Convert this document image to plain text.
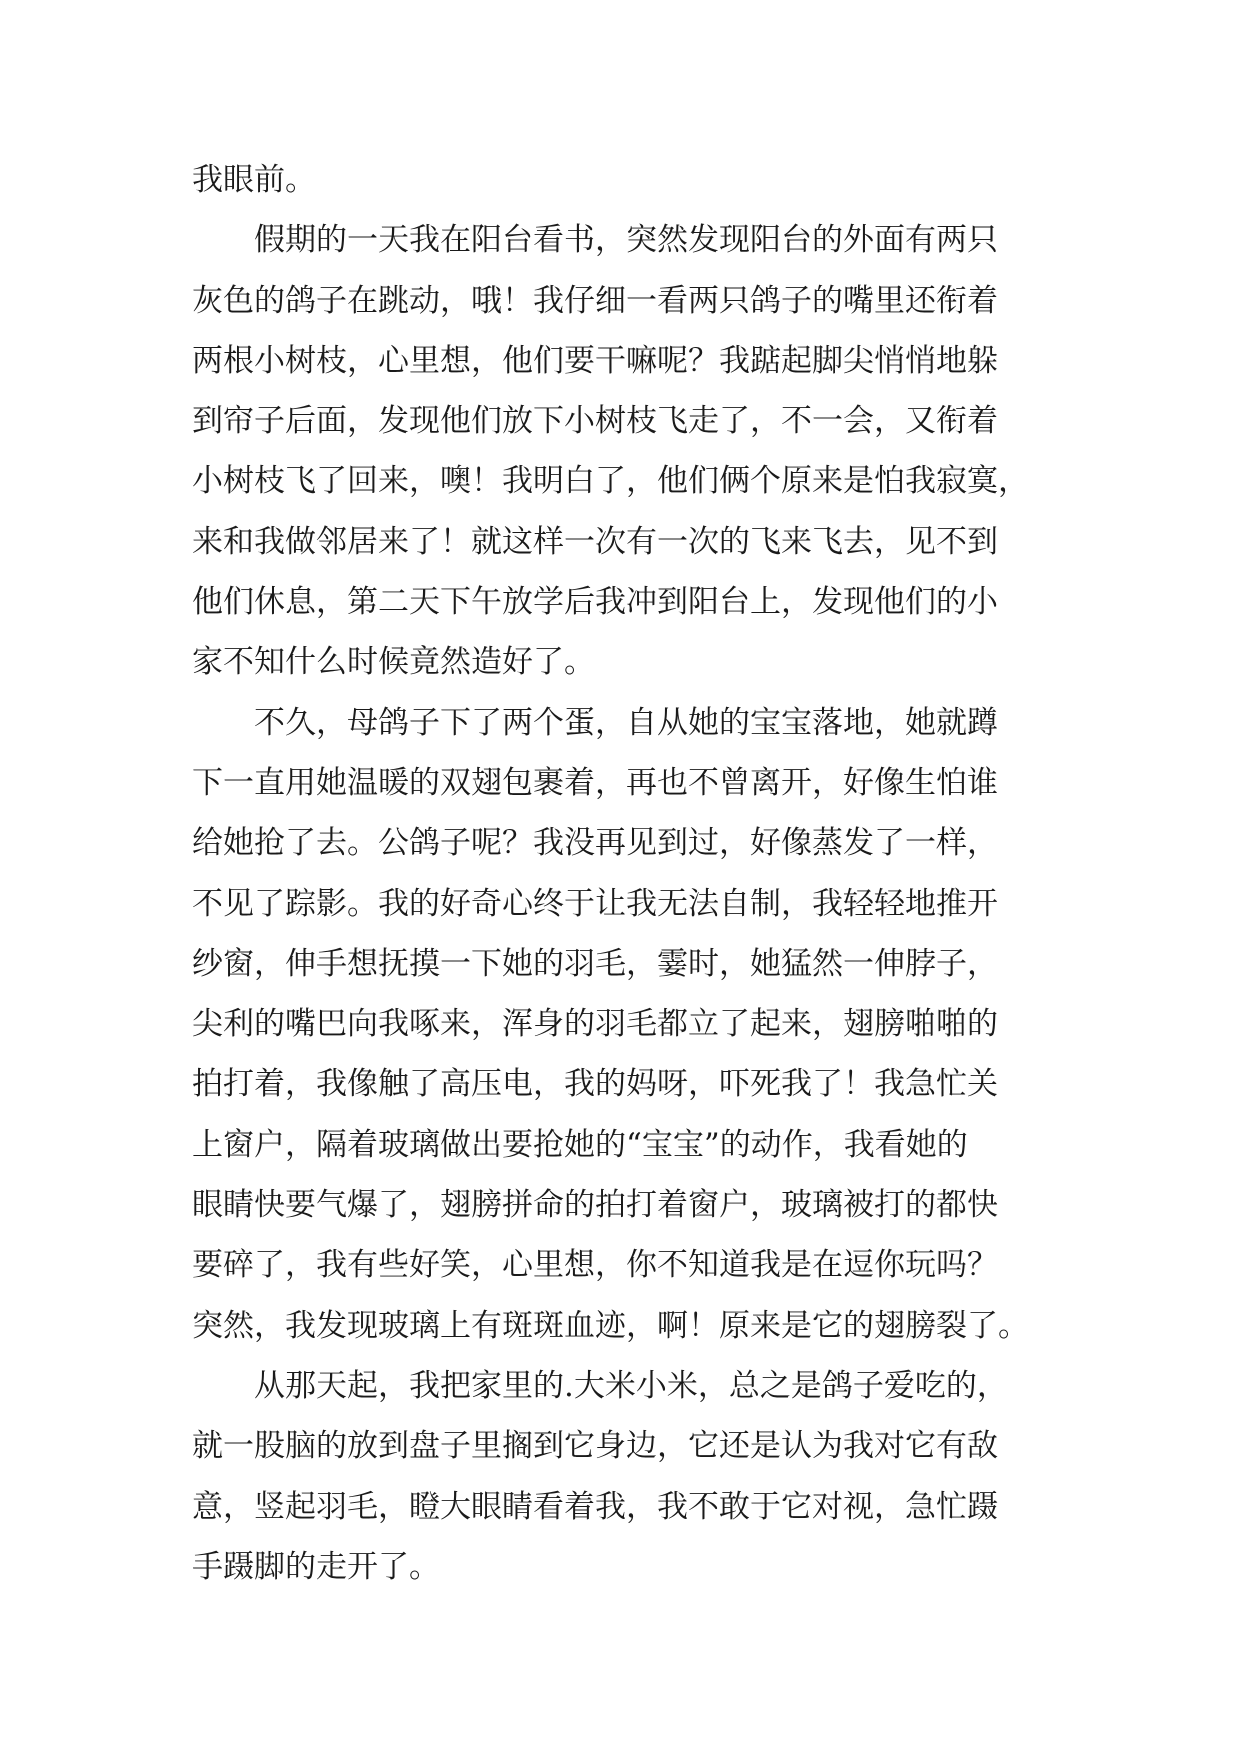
我眼前。
　　假期的一天我在阳台看书，突然发现阳台的外面有两只
灰色的鸽子在跳动，哦！我仔细一看两只鸽子的嘴里还衔着
两根小树枝，心里想，他们要干嘛呢？我踮起脚尖悄悄地躲
到帘子后面，发现他们放下小树枝飞走了，不一会，又衔着
小树枝飞了回来，噢！我明白了，他们俩个原来是怕我寂寞，
来和我做邻居来了！就这样一次有一次的飞来飞去，见不到
他们休息，第二天下午放学后我冲到阳台上，发现他们的小
家不知什么时候竟然造好了。
　　不久，母鸽子下了两个蛋，自从她的宝宝落地，她就蹲
下一直用她温暖的双翅包裹着，再也不曾离开，好像生怕谁
给她抢了去。公鸽子呢？我没再见到过，好像蒸发了一样，
不见了踪影。我的好奇心终于让我无法自制，我轻轻地推开
纱窗，伸手想抚摸一下她的羽毛，霎时，她猛然一伸脖子，
尖利的嘴巴向我啄来，浑身的羽毛都立了起来，翅膀啪啪的
拍打着，我像触了高压电，我的妈呀，吓死我了！我急忙关
上窗户，隔着玻璃做出要抢她的“宝宝”的动作，我看她的
眼睛快要气爆了，翅膀拼命的拍打着窗户，玻璃被打的都快
要碎了，我有些好笑，心里想，你不知道我是在逗你玩吗？
突然，我发现玻璃上有斑斑血迹，啊！原来是它的翅膀裂了。
　　从那天起，我把家里的.大米小米，总之是鸽子爱吃的，
就一股脑的放到盘子里搁到它身边，它还是认为我对它有敌
意，竖起羽毛，瞪大眼睛看着我，我不敢于它对视，急忙蹑
手蹑脚的走开了。
